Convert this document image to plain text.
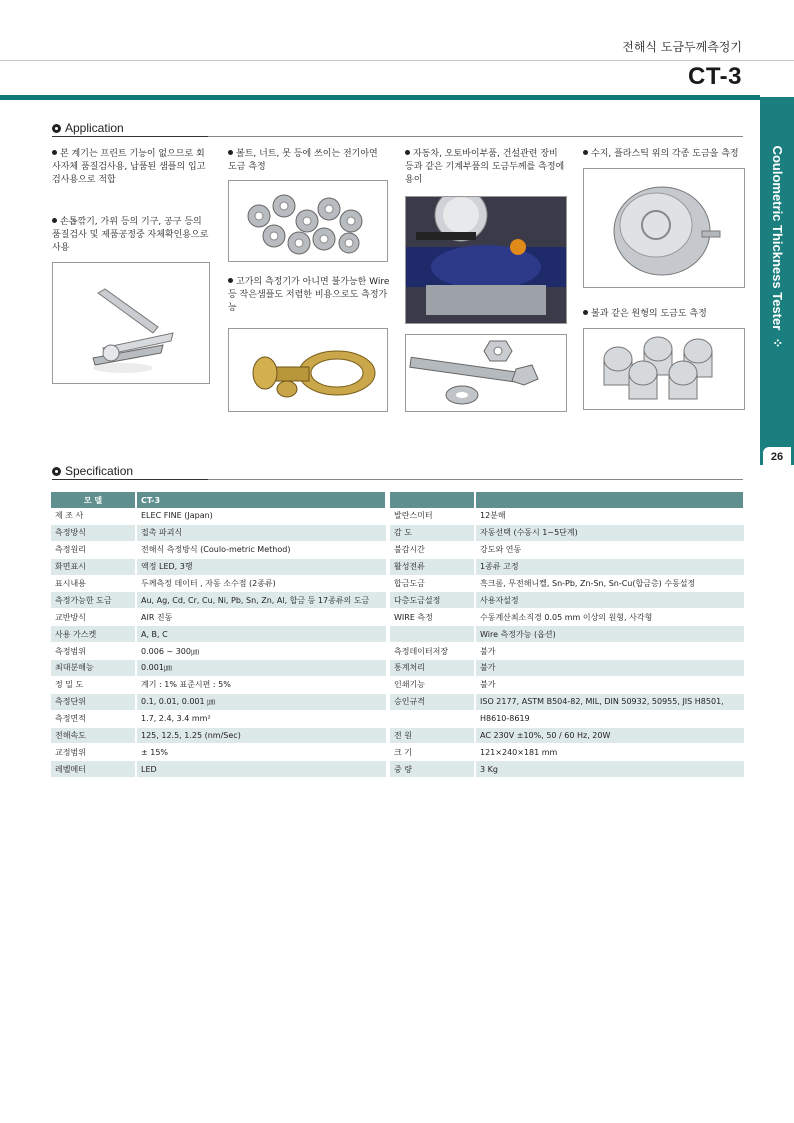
전해식 도금두께측정기
CT-3
Coulometric Thickness Tester  ⁘
26
Application
본 계기는 프린트 기능이 없으므로 회사자체 품질검사용, 납품된 샘플의 입고검사용으로 적합
손톱깎기, 가위 등의 기구, 공구 등의 품질검사 및 제품공정중 자체확인용으로 사용
볼트, 너트, 못 등에 쓰이는 전기아연 도금 측정
고가의 측정기가 아니면 불가능한 Wire 등 작은샘플도 저렴한 비용으로도 측정가능
자동차, 오토바이부품, 건설관련 장비 등과 같은 기계부품의 도금두께를 측정에 용이
수지, 플라스틱 위의 각종 도금을 측정
볼과 같은 원형의 도금도 측정
Specification
모 델	CT-3
제 조 사	ELEC FINE (Japan)
측정방식	접촉 파괴식
측정원리	전해식 측정방식 (Coulo-metric Method)
화면표시	액정 LED, 3행
표시내용	두께측정 데이터 , 자동 소수점 (2종류)
측정가능한 도금	Au, Ag, Cd, Cr, Cu, Ni, Pb, Sn, Zn, Al, 합금 등 17종류의 도금
교반방식	AIR 진동
사용 가스켓	A, B, C
측정범위	0.006 ~ 300㎛
최대분해능	0.001㎛
정 밀 도	계기 : 1% 표준시편 : 5%
측정단위	0.1, 0.01, 0.001 ㎛
측정면적	1.7, 2.4, 3.4 mm²
전해속도	125, 12.5, 1.25 (nm/Sec)
교정범위	± 15%
레벨메터	LED

발란스미터	12분해
감 도	자동선택 (수동시 1~5단계)
불감시간	강도와 연동
활성전류	1종류 고정
합금도금	흑크롬, 무전해니켈, Sn-Pb, Zn-Sn, Sn-Cu(합금층) 수동설정
다층도금설정	사용자설정
WIRE 측정	수동계산최소직경 0.05 mm 이상의 원형, 사각형
	Wire 측정가능 (옵션)
측정데이터저장	불가
통계처리	불가
인쇄기능	불가
승인규격	ISO 2177, ASTM B504-82, MIL, DIN 50932, 50955, JIS H8501,
	H8610-8619
전 원	AC 230V ±10%, 50 / 60 Hz, 20W
크 기	121×240×181 mm
중 량	3 Kg
